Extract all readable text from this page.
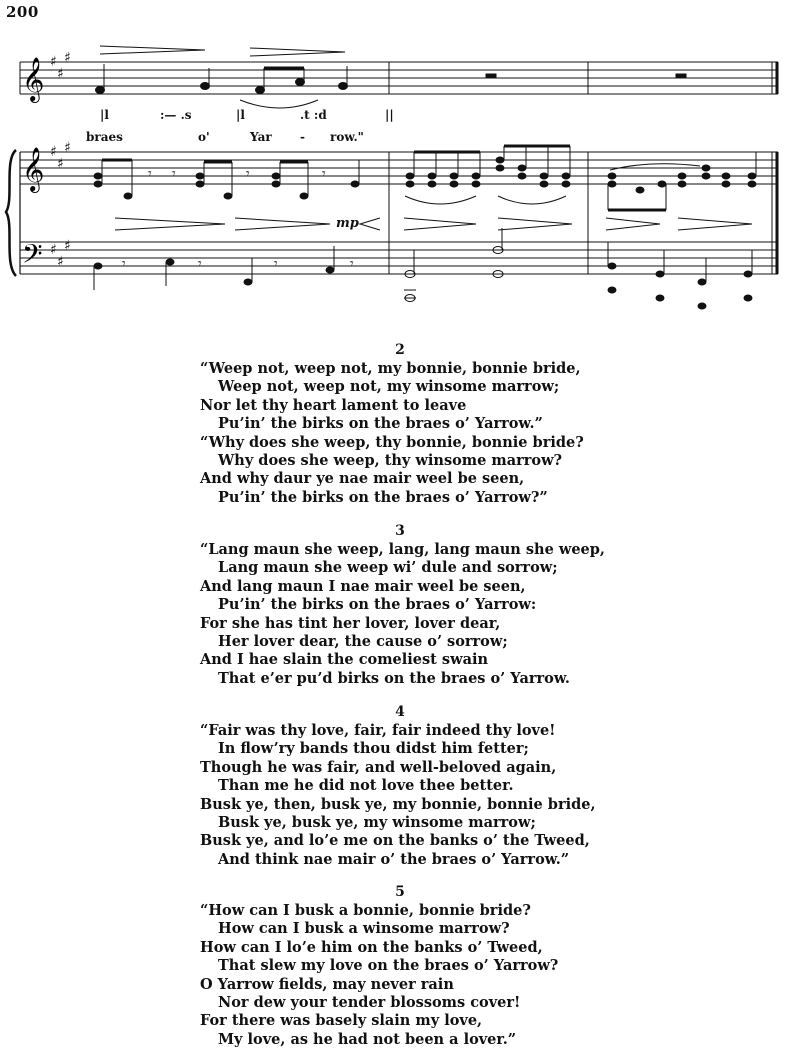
200
𝄞
𝄞
𝄢
♯
♯
♯
♯
♯
♯
♯
♯
♯
𝄾 𝄾	𝄾	𝄾
𝄾	𝄾	𝄾	𝄾
|l	:— .s	|l	.t :d	||
braes	o'	Yar - row."
mp
2
“Weep not, weep not, my bonnie, bonnie bride,
Weep not, weep not, my winsome marrow;
Nor let thy heart lament to leave
Pu’in’ the birks on the braes o’ Yarrow.”
“Why does she weep, thy bonnie, bonnie bride?
Why does she weep, thy winsome marrow?
And why daur ye nae mair weel be seen,
Pu’in’ the birks on the braes o’ Yarrow?”
3
“Lang maun she weep, lang, lang maun she weep,
Lang maun she weep wi’ dule and sorrow;
And lang maun I nae mair weel be seen,
Pu’in’ the birks on the braes o’ Yarrow:
For she has tint her lover, lover dear,
Her lover dear, the cause o’ sorrow;
And I hae slain the comeliest swain
That e’er pu’d birks on the braes o’ Yarrow.
4
“Fair was thy love, fair, fair indeed thy love!
In flow’ry bands thou didst him fetter;
Though he was fair, and well-beloved again,
Than me he did not love thee better.
Busk ye, then, busk ye, my bonnie, bonnie bride,
Busk ye, busk ye, my winsome marrow;
Busk ye, and lo’e me on the banks o’ the Tweed,
And think nae mair o’ the braes o’ Yarrow.”
5
“How can I busk a bonnie, bonnie bride?
How can I busk a winsome marrow?
How can I lo’e him on the banks o’ Tweed,
That slew my love on the braes o’ Yarrow?
O Yarrow fields, may never rain
Nor dew your tender blossoms cover!
For there was basely slain my love,
My love, as he had not been a lover.”
